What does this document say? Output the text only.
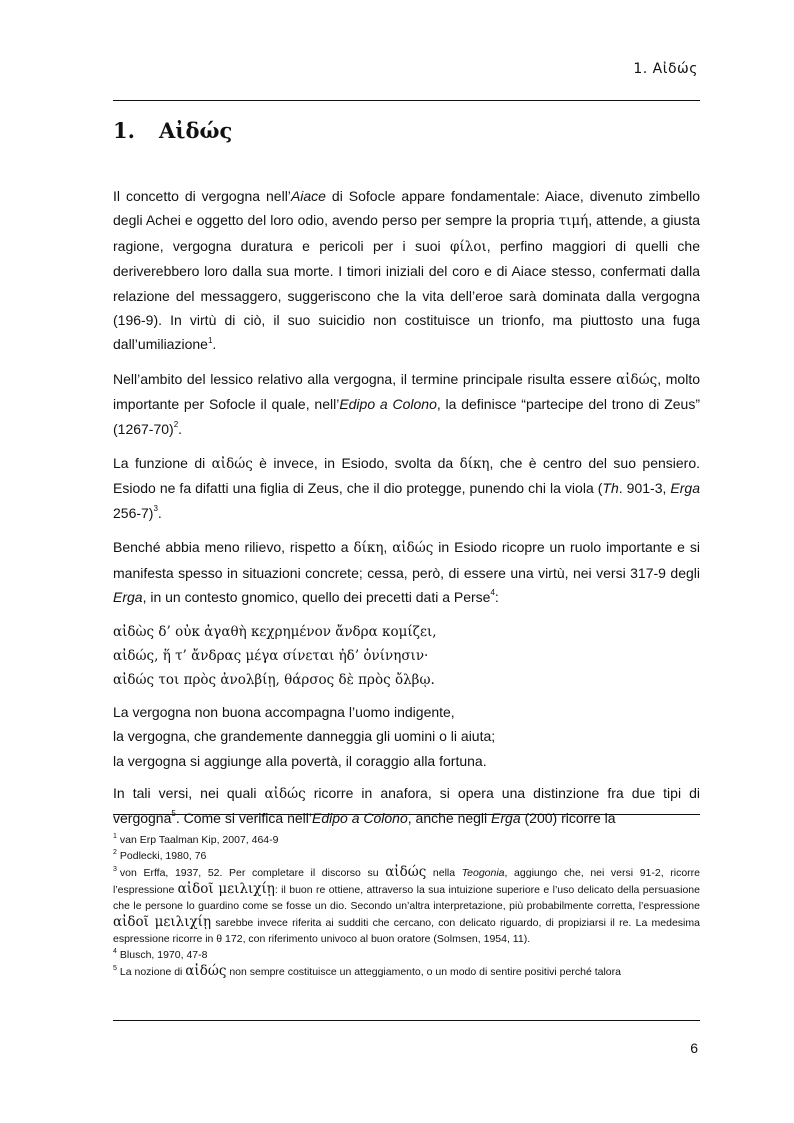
1. Αἰδώς
1. Αἰδώς

Il concetto di vergogna nell’Aiace di Sofocle appare fondamentale: Aiace, divenuto zimbello degli Achei e oggetto del loro odio, avendo perso per sempre la propria τιμή, attende, a giusta ragione, vergogna duratura e pericoli per i suoi φίλοι, perfino maggiori di quelli che deriverebbero loro dalla sua morte. I timori iniziali del coro e di Aiace stesso, confermati dalla relazione del messaggero, suggeriscono che la vita dell’eroe sarà dominata dalla vergogna (196-9). In virtù di ciò, il suo suicidio non costituisce un trionfo, ma piuttosto una fuga dall’umiliazione$^1$.

Nell’ambito del lessico relativo alla vergogna, il termine principale risulta essere αἰδώς, molto importante per Sofocle il quale, nell’Edipo a Colono, la definisce “partecipe del trono di Zeus” (1267-70)$^2$.

La funzione di αἰδώς è invece, in Esiodo, svolta da δίκη, che è centro del suo pensiero. Esiodo ne fa difatti una figlia di Zeus, che il dio protegge, punendo chi la viola (Th. 901-3, Erga 256-7)$^3$.

Benché abbia meno rilievo, rispetto a δίκη, αἰδώς in Esiodo ricopre un ruolo importante e si manifesta spesso in situazioni concrete; cessa, però, di essere una virtù, nei versi 317-9 degli Erga, in un contesto gnomico, quello dei precetti dati a Perse$^4$:

αἰδὼς δ’ οὐκ ἀγαθὴ κεχρημένον ἄνδρα κομίζει,
αἰδώς, ἥ τ’ ἄνδρας μέγα σίνεται ἠδ’ ὀνίνησιν·
αἰδώς τοι πρὸς ἀνολβίῃ, θάρσος δὲ πρὸς ὄλβῳ.
La vergogna non buona accompagna l’uomo indigente,
la vergogna, che grandemente danneggia gli uomini o li aiuta;
la vergogna si aggiunge alla povertà, il coraggio alla fortuna.

In tali versi, nei quali αἰδώς ricorre in anafora, si opera una distinzione fra due tipi di vergogna$^5$. Come si verifica nell’Edipo a Colono, anche negli Erga (200) ricorre la

$^1$ van Erp Taalman Kip, 2007, 464-9

$^2$ Podlecki, 1980, 76

$^3$ von Erffa, 1937, 52. Per completare il discorso su αἰδώς nella Teogonia, aggiungo che, nei versi 91-2, ricorre l’espressione αἰδοῖ μειλιχίῃ: il buon re ottiene, attraverso la sua intuizione superiore e l’uso delicato della persuasione che le persone lo guardino come se fosse un dio. Secondo un’altra interpretazione, più probabilmente corretta, l’espressione αἰδοῖ μειλιχίῃ sarebbe invece riferita ai sudditi che cercano, con delicato riguardo, di propiziarsi il re. La medesima espressione ricorre in θ 172, con riferimento univoco al buon oratore (Solmsen, 1954, 11).

$^4$ Blusch, 1970, 47-8

$^5$ La nozione di αἰδώς non sempre costituisce un atteggiamento, o un modo di sentire positivi perché talora

6
